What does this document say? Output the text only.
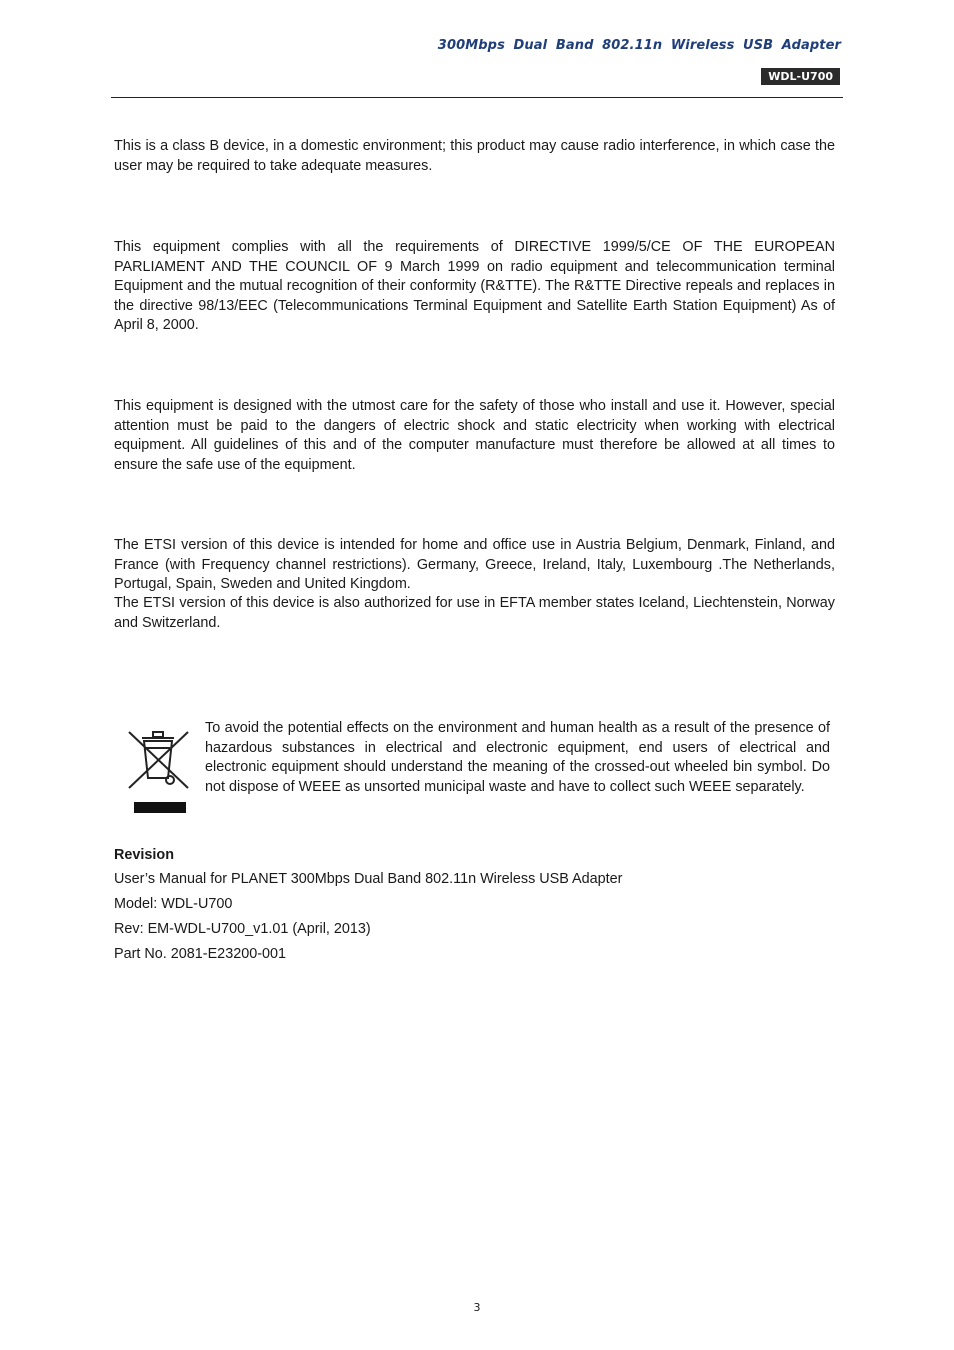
300Mbps Dual Band 802.11n Wireless USB Adapter
WDL-U700

This is a class B device, in a domestic environment; this product may cause radio interference, in which case the user may be required to take adequate measures.

This equipment complies with all the requirements of DIRECTIVE 1999/5/CE OF THE EUROPEAN PARLIAMENT AND THE COUNCIL OF 9 March 1999 on radio equipment and telecommunication terminal Equipment and the mutual recognition of their conformity (R&TTE). The R&TTE Directive repeals and replaces in the directive 98/13/EEC (Telecommunications Terminal Equipment and Satellite Earth Station Equipment) As of April 8, 2000.

This equipment is designed with the utmost care for the safety of those who install and use it. However, special attention must be paid to the dangers of electric shock and static electricity when working with electrical equipment. All guidelines of this and of the computer manufacture must therefore be allowed at all times to ensure the safe use of the equipment.

The ETSI version of this device is intended for home and office use in Austria Belgium, Denmark, Finland, and France (with Frequency channel restrictions). Germany, Greece, Ireland, Italy, Luxembourg .The Netherlands, Portugal, Spain, Sweden and United Kingdom.

The ETSI version of this device is also authorized for use in EFTA member states Iceland, Liechtenstein, Norway and Switzerland.

To avoid the potential effects on the environment and human health as a result of the presence of hazardous substances in electrical and electronic equipment, end users of electrical and electronic equipment should understand the meaning of the crossed-out wheeled bin symbol. Do not dispose of WEEE as unsorted municipal waste and have to collect such WEEE separately.

Revision
User’s Manual for PLANET 300Mbps Dual Band 802.11n Wireless USB Adapter
Model: WDL-U700
Rev: EM-WDL-U700_v1.01 (April, 2013)
Part No. 2081-E23200-001
3
